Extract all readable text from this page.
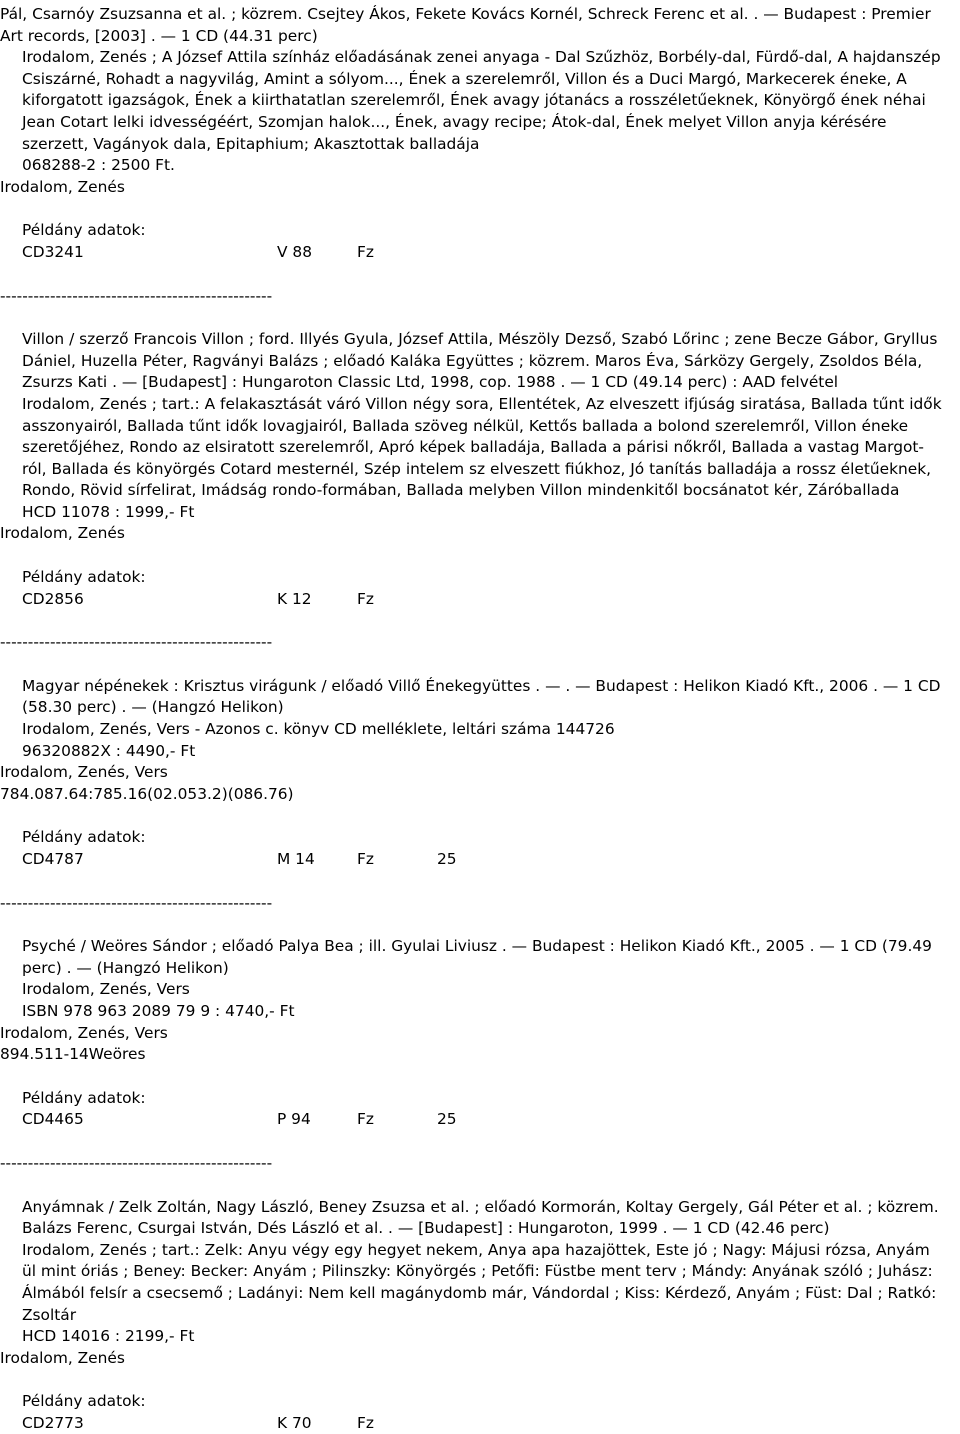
Pál, Csarnóy Zsuzsanna et al. ; közrem. Csejtey Ákos, Fekete Kovács Kornél, Schreck Ferenc et al. . — Budapest : Premier Art records, [2003] . — 1 CD (44.31 perc)
Irodalom, Zenés ; A József Attila színház előadásának zenei anyaga - Dal Szűzhöz, Borbély-dal, Fürdő-dal, A hajdanszép Csiszárné, Rohadt a nagyvilág, Amint a sólyom..., Ének a szerelemről, Villon és a Duci Margó, Markecerek éneke, A kiforgatott igazságok, Ének a kiirthatatlan szerelemről, Ének avagy jótanács a rosszéletűeknek, Könyörgő ének néhai Jean Cotart lelki idvességéért, Szomjan halok..., Ének, avagy recipe; Átok-dal, Ének melyet Villon anyja kérésére szerzett, Vagányok dala, Epitaphium; Akasztottak balladája
068288-2 : 2500 Ft.
Irodalom, Zenés
Példány adatok:
CD3241	V 88	Fz
-------------------------------------------------
Villon / szerző Francois Villon ; ford. Illyés Gyula, József Attila, Mészöly Dezső, Szabó Lőrinc ; zene Becze Gábor, Gryllus Dániel, Huzella Péter, Ragványi Balázs ; előadó Kaláka Együttes ; közrem. Maros Éva, Sárközy Gergely, Zsoldos Béla, Zsurzs Kati . — [Budapest] : Hungaroton Classic Ltd, 1998, cop. 1988 . — 1 CD (49.14 perc) : AAD felvétel
Irodalom, Zenés ; tart.: A felakasztását váró Villon négy sora, Ellentétek, Az elveszett ifjúság siratása, Ballada tűnt idők asszonyairól, Ballada tűnt idők lovagjairól, Ballada szöveg nélkül, Kettős ballada a bolond szerelemről, Villon éneke szeretőjéhez, Rondo az elsiratott szerelemről, Apró képek balladája, Ballada a párisi nőkről, Ballada a vastag Margot-ról, Ballada és könyörgés Cotard mesternél, Szép intelem sz elveszett fiúkhoz, Jó tanítás balladája a rossz életűeknek, Rondo, Rövid sírfelirat, Imádság rondo-formában, Ballada melyben Villon mindenkitől bocsánatot kér, Záróballada
HCD 11078 : 1999,- Ft
Irodalom, Zenés
Példány adatok:
CD2856	K 12	Fz
-------------------------------------------------
Magyar népénekek : Krisztus virágunk / előadó Villő Énekegyüttes . — . — Budapest : Helikon Kiadó Kft., 2006 . — 1 CD (58.30 perc) . — (Hangzó Helikon)
Irodalom, Zenés, Vers - Azonos c. könyv CD melléklete, leltári száma 144726
96320882X : 4490,- Ft
Irodalom, Zenés, Vers
784.087.64:785.16(02.053.2)(086.76)
Példány adatok:
CD4787	M 14	Fz	25
-------------------------------------------------
Psyché / Weöres Sándor ; előadó Palya Bea ; ill. Gyulai Liviusz . — Budapest : Helikon Kiadó Kft., 2005 . — 1 CD (79.49 perc) . — (Hangzó Helikon)
Irodalom, Zenés, Vers
ISBN 978 963 2089 79 9 : 4740,- Ft
Irodalom, Zenés, Vers
894.511-14Weöres
Példány adatok:
CD4465	P 94	Fz	25
-------------------------------------------------
Anyámnak / Zelk Zoltán, Nagy László, Beney Zsuzsa et al. ; előadó Kormorán, Koltay Gergely, Gál Péter et al. ; közrem. Balázs Ferenc, Csurgai István, Dés László et al. . — [Budapest] : Hungaroton, 1999 . — 1 CD (42.46 perc)
Irodalom, Zenés ; tart.: Zelk: Anyu végy egy hegyet nekem, Anya apa hazajöttek, Este jó ; Nagy: Májusi rózsa, Anyám ül mint óriás ; Beney: Becker: Anyám ; Pilinszky: Könyörgés ; Petőfi: Füstbe ment terv ; Mándy: Anyának szóló ; Juhász: Álmából felsír a csecsemő ; Ladányi: Nem kell magánydomb már, Vándordal ; Kiss: Kérdező, Anyám ; Füst: Dal ; Ratkó: Zsoltár
HCD 14016 : 2199,- Ft
Irodalom, Zenés
Példány adatok:
CD2773	K 70	Fz
